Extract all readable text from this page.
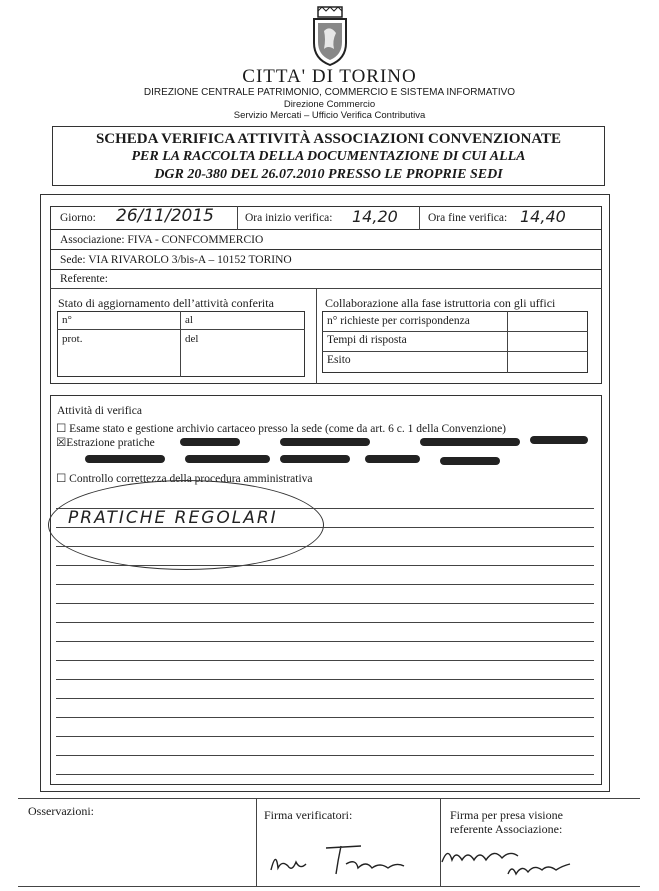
CITTA' DI TORINO
DIREZIONE CENTRALE PATRIMONIO, COMMERCIO E SISTEMA INFORMATIVO
Direzione Commercio
Servizio Mercati – Ufficio Verifica Contributiva
SCHEDA VERIFICA ATTIVITÀ ASSOCIAZIONI CONVENZIONATE
PER LA RACCOLTA DELLA DOCUMENTAZIONE DI CUI ALLA
DGR 20-380 DEL 26.07.2010 PRESSO LE PROPRIE SEDI
Giorno: 26/11/2015	Ora inizio verifica: 14,20	Ora fine verifica: 14,40
Associazione: FIVA - CONFCOMMERCIO
Sede: VIA RIVAROLO 3/bis-A – 10152 TORINO
Referente:
Stato di aggiornamento dell’attività conferita
n°	al
prot.	del
Collaborazione alla fase istruttoria con gli uffici
n° richieste per corrispondenza
Tempi di risposta
Esito
Attività di verifica
☐ Esame stato e gestione archivio cartaceo presso la sede (come da art. 6 c. 1 della Convenzione)
☒Estrazione pratiche
☐ Controllo correttezza della procedura amministrativa
PRATICHE REGOLARI
Osservazioni:	Firma verificatori:	Firma per presa visione
referente Associazione:
